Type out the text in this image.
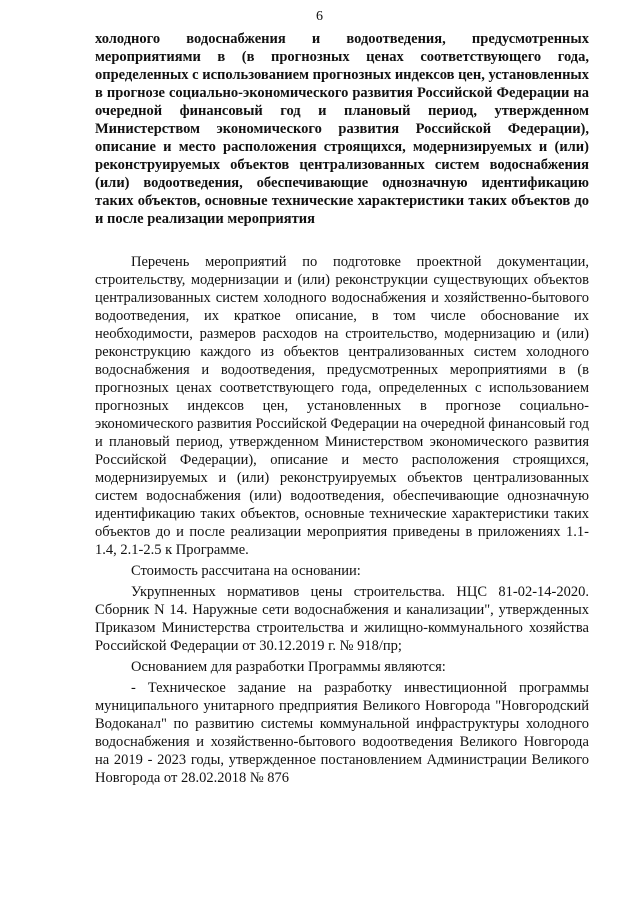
6
холодного водоснабжения и водоотведения, предусмотренных мероприятиями в (в прогнозных ценах соответствующего года, определенных с использованием прогнозных индексов цен, установленных в прогнозе социально-экономического развития Российской Федерации на очередной финансовый год и плановый период, утвержденном Министерством экономического развития Российской Федерации), описание и место расположения строящихся, модернизируемых и (или) реконструируемых объектов централизованных систем водоснабжения (или) водоотведения, обеспечивающие однозначную идентификацию таких объектов, основные технические характеристики таких объектов до и после реализации мероприятия

Перечень мероприятий по подготовке проектной документации, строительству, модернизации и (или) реконструкции существующих объектов централизованных систем холодного водоснабжения и хозяйственно-бытового водоотведения, их краткое описание, в том числе обоснование их необходимости, размеров расходов на строительство, модернизацию и (или) реконструкцию каждого из объектов централизованных систем холодного водоснабжения и водоотведения, предусмотренных мероприятиями в (в прогнозных ценах соответствующего года, определенных с использованием прогнозных индексов цен, установленных в прогнозе социально-экономического развития Российской Федерации на очередной финансовый год и плановый период, утвержденном Министерством экономического развития Российской Федерации), описание и место расположения строящихся, модернизируемых и (или) реконструируемых объектов централизованных систем водоснабжения (или) водоотведения, обеспечивающие однозначную идентификацию таких объектов, основные технические характеристики таких объектов до и после реализации мероприятия приведены в приложениях 1.1-1.4, 2.1-2.5 к Программе.

Стоимость рассчитана на основании:

Укрупненных нормативов цены строительства. НЦС 81-02-14-2020. Сборник N 14. Наружные сети водоснабжения и канализации", утвержденных Приказом Министерства строительства и жилищно-коммунального хозяйства Российской Федерации от 30.12.2019 г. № 918/пр;

Основанием для разработки Программы являются:

- Техническое задание на разработку инвестиционной программы муниципального унитарного предприятия Великого Новгорода "Новгородский Водоканал" по развитию системы коммунальной инфраструктуры холодного водоснабжения и хозяйственно-бытового водоотведения Великого Новгорода на 2019 - 2023 годы, утвержденное постановлением Администрации Великого Новгорода от 28.02.2018 № 876
